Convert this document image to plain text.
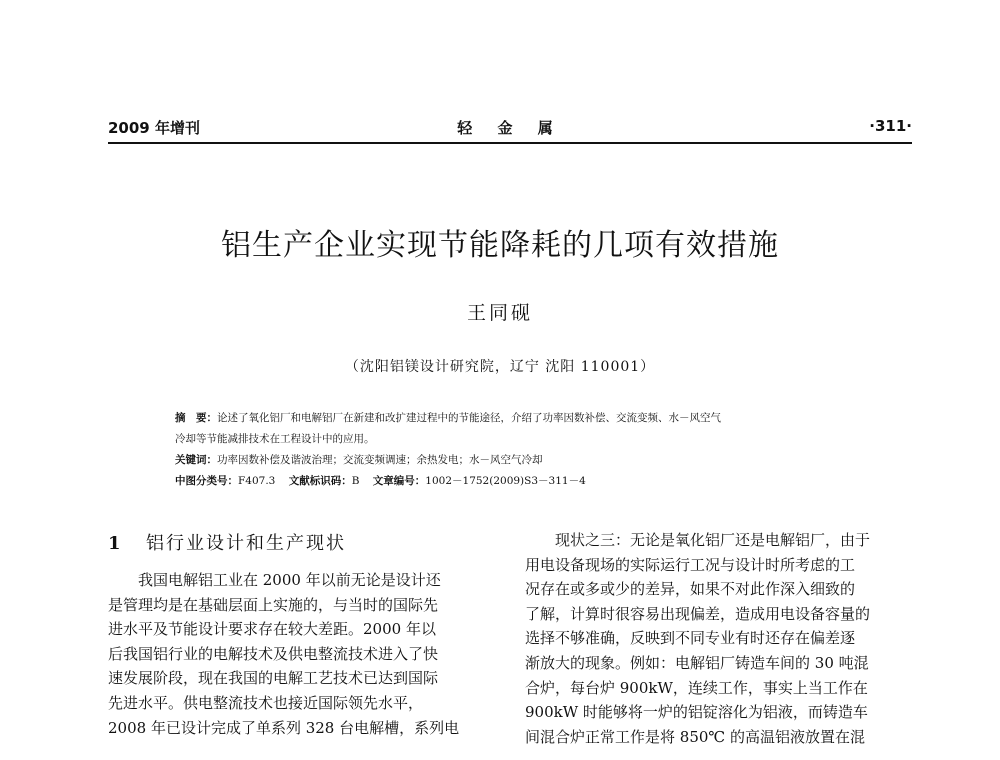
2009 年增刊	轻 金 属	·311·
铝生产企业实现节能降耗的几项有效措施
王同砚
（沈阳铝镁设计研究院，辽宁 沈阳 110001）
摘　要：论述了氧化铝厂和电解铝厂在新建和改扩建过程中的节能途径，介绍了功率因数补偿、交流变频、水－风空气
冷却等节能减排技术在工程设计中的应用。
关键词：功率因数补偿及谐波治理；交流变频调速；余热发电；水－风空气冷却
中图分类号：F407.3 文献标识码：B 文章编号：1002－1752(2009)S3－311－4
1 铝行业设计和生产现状
我国电解铝工业在 2000 年以前无论是设计还
是管理均是在基础层面上实施的，与当时的国际先
进水平及节能设计要求存在较大差距。2000 年以
后我国铝行业的电解技术及供电整流技术进入了快
速发展阶段，现在我国的电解工艺技术已达到国际
先进水平。供电整流技术也接近国际领先水平，
2008 年已设计完成了单系列 328 台电解槽，系列电
现状之三：无论是氧化铝厂还是电解铝厂，由于
用电设备现场的实际运行工况与设计时所考虑的工
况存在或多或少的差异，如果不对此作深入细致的
了解，计算时很容易出现偏差，造成用电设备容量的
选择不够准确，反映到不同专业有时还存在偏差逐
渐放大的现象。例如：电解铝厂铸造车间的 30 吨混
合炉，每台炉 900kW，连续工作，事实上当工作在
900kW 时能够将一炉的铝锭溶化为铝液，而铸造车
间混合炉正常工作是将 850℃ 的高温铝液放置在混
